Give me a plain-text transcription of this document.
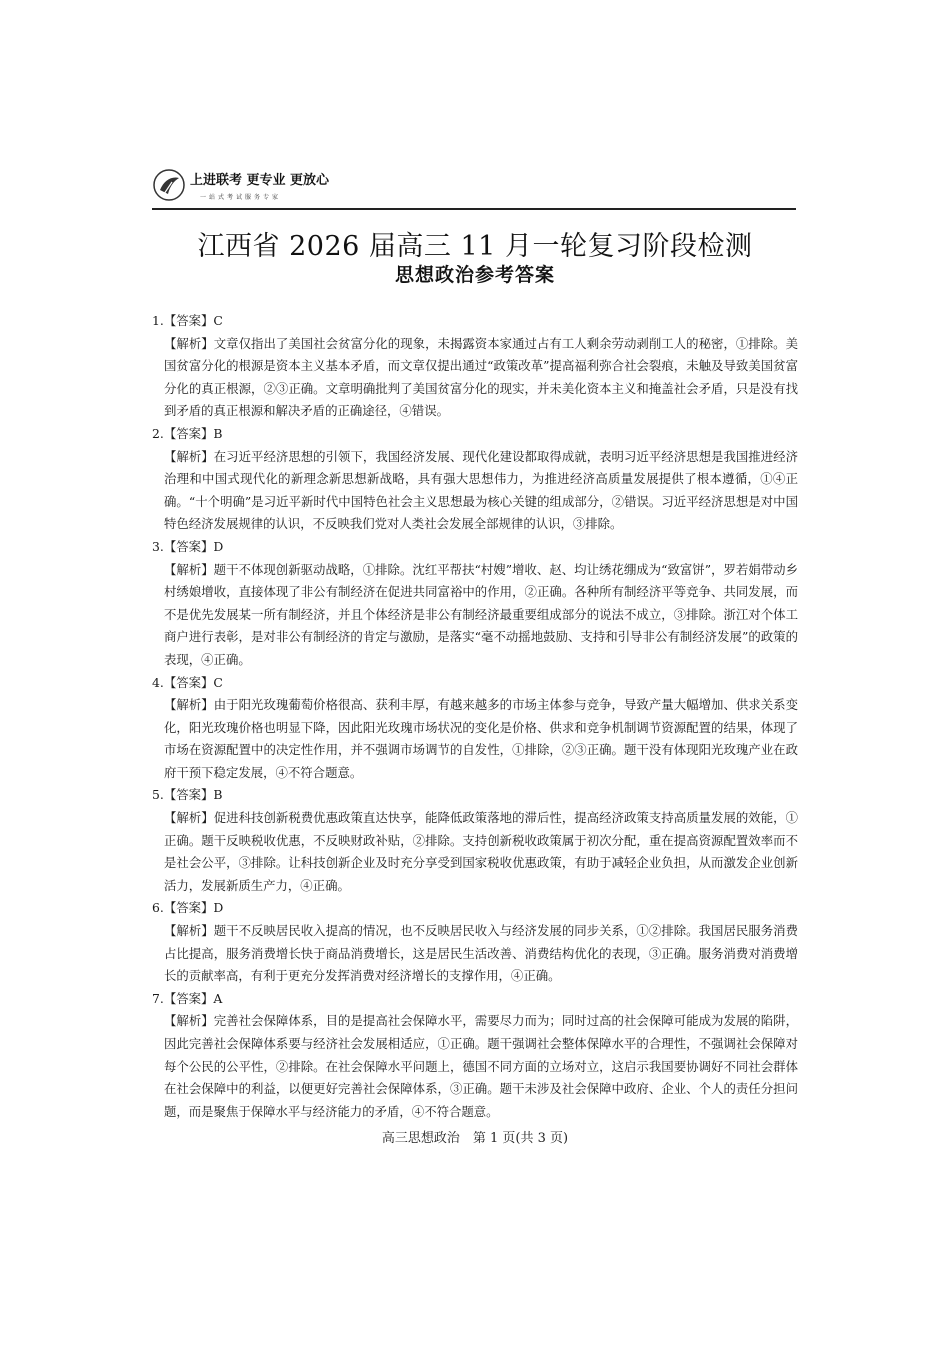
上进联考 更专业 更放心
一站式考试服务专家
江西省 2026 届高三 11 月一轮复习阶段检测
思想政治参考答案

1.【答案】C

【解析】文章仅指出了美国社会贫富分化的现象，未揭露资本家通过占有工人剩余劳动剥削工人的秘密，①排除。美国贫富分化的根源是资本主义基本矛盾，而文章仅提出通过“政策改革”提高福利弥合社会裂痕，未触及导致美国贫富分化的真正根源，②③正确。文章明确批判了美国贫富分化的现实，并未美化资本主义和掩盖社会矛盾，只是没有找到矛盾的真正根源和解决矛盾的正确途径，④错误。

2.【答案】B

【解析】在习近平经济思想的引领下，我国经济发展、现代化建设都取得成就，表明习近平经济思想是我国推进经济治理和中国式现代化的新理念新思想新战略，具有强大思想伟力，为推进经济高质量发展提供了根本遵循，①④正确。“十个明确”是习近平新时代中国特色社会主义思想最为核心关键的组成部分，②错误。习近平经济思想是对中国特色经济发展规律的认识，不反映我们党对人类社会发展全部规律的认识，③排除。

3.【答案】D

【解析】题干不体现创新驱动战略，①排除。沈红平帮扶“村嫂”增收、赵、均让绣花绷成为“致富饼”，罗若娟带动乡村绣娘增收，直接体现了非公有制经济在促进共同富裕中的作用，②正确。各种所有制经济平等竞争、共同发展，而不是优先发展某一所有制经济，并且个体经济是非公有制经济最重要组成部分的说法不成立，③排除。浙江对个体工商户进行表彰，是对非公有制经济的肯定与激励，是落实“毫不动摇地鼓励、支持和引导非公有制经济发展”的政策的表现，④正确。

4.【答案】C

【解析】由于阳光玫瑰葡萄价格很高、获利丰厚，有越来越多的市场主体参与竞争，导致产量大幅增加、供求关系变化，阳光玫瑰价格也明显下降，因此阳光玫瑰市场状况的变化是价格、供求和竞争机制调节资源配置的结果，体现了市场在资源配置中的决定性作用，并不强调市场调节的自发性，①排除，②③正确。题干没有体现阳光玫瑰产业在政府干预下稳定发展，④不符合题意。

5.【答案】B

【解析】促进科技创新税费优惠政策直达快享，能降低政策落地的滞后性，提高经济政策支持高质量发展的效能，①正确。题干反映税收优惠，不反映财政补贴，②排除。支持创新税收政策属于初次分配，重在提高资源配置效率而不是社会公平，③排除。让科技创新企业及时充分享受到国家税收优惠政策，有助于减轻企业负担，从而激发企业创新活力，发展新质生产力，④正确。

6.【答案】D

【解析】题干不反映居民收入提高的情况，也不反映居民收入与经济发展的同步关系，①②排除。我国居民服务消费占比提高，服务消费增长快于商品消费增长，这是居民生活改善、消费结构优化的表现，③正确。服务消费对消费增长的贡献率高，有利于更充分发挥消费对经济增长的支撑作用，④正确。

7.【答案】A

【解析】完善社会保障体系，目的是提高社会保障水平，需要尽力而为；同时过高的社会保障可能成为发展的陷阱，因此完善社会保障体系要与经济社会发展相适应，①正确。题干强调社会整体保障水平的合理性，不强调社会保障对每个公民的公平性，②排除。在社会保障水平问题上，德国不同方面的立场对立，这启示我国要协调好不同社会群体在社会保障中的利益，以便更好完善社会保障体系，③正确。题干未涉及社会保障中政府、企业、个人的责任分担问题，而是聚焦于保障水平与经济能力的矛盾，④不符合题意。

高三思想政治　第 1 页(共 3 页)
